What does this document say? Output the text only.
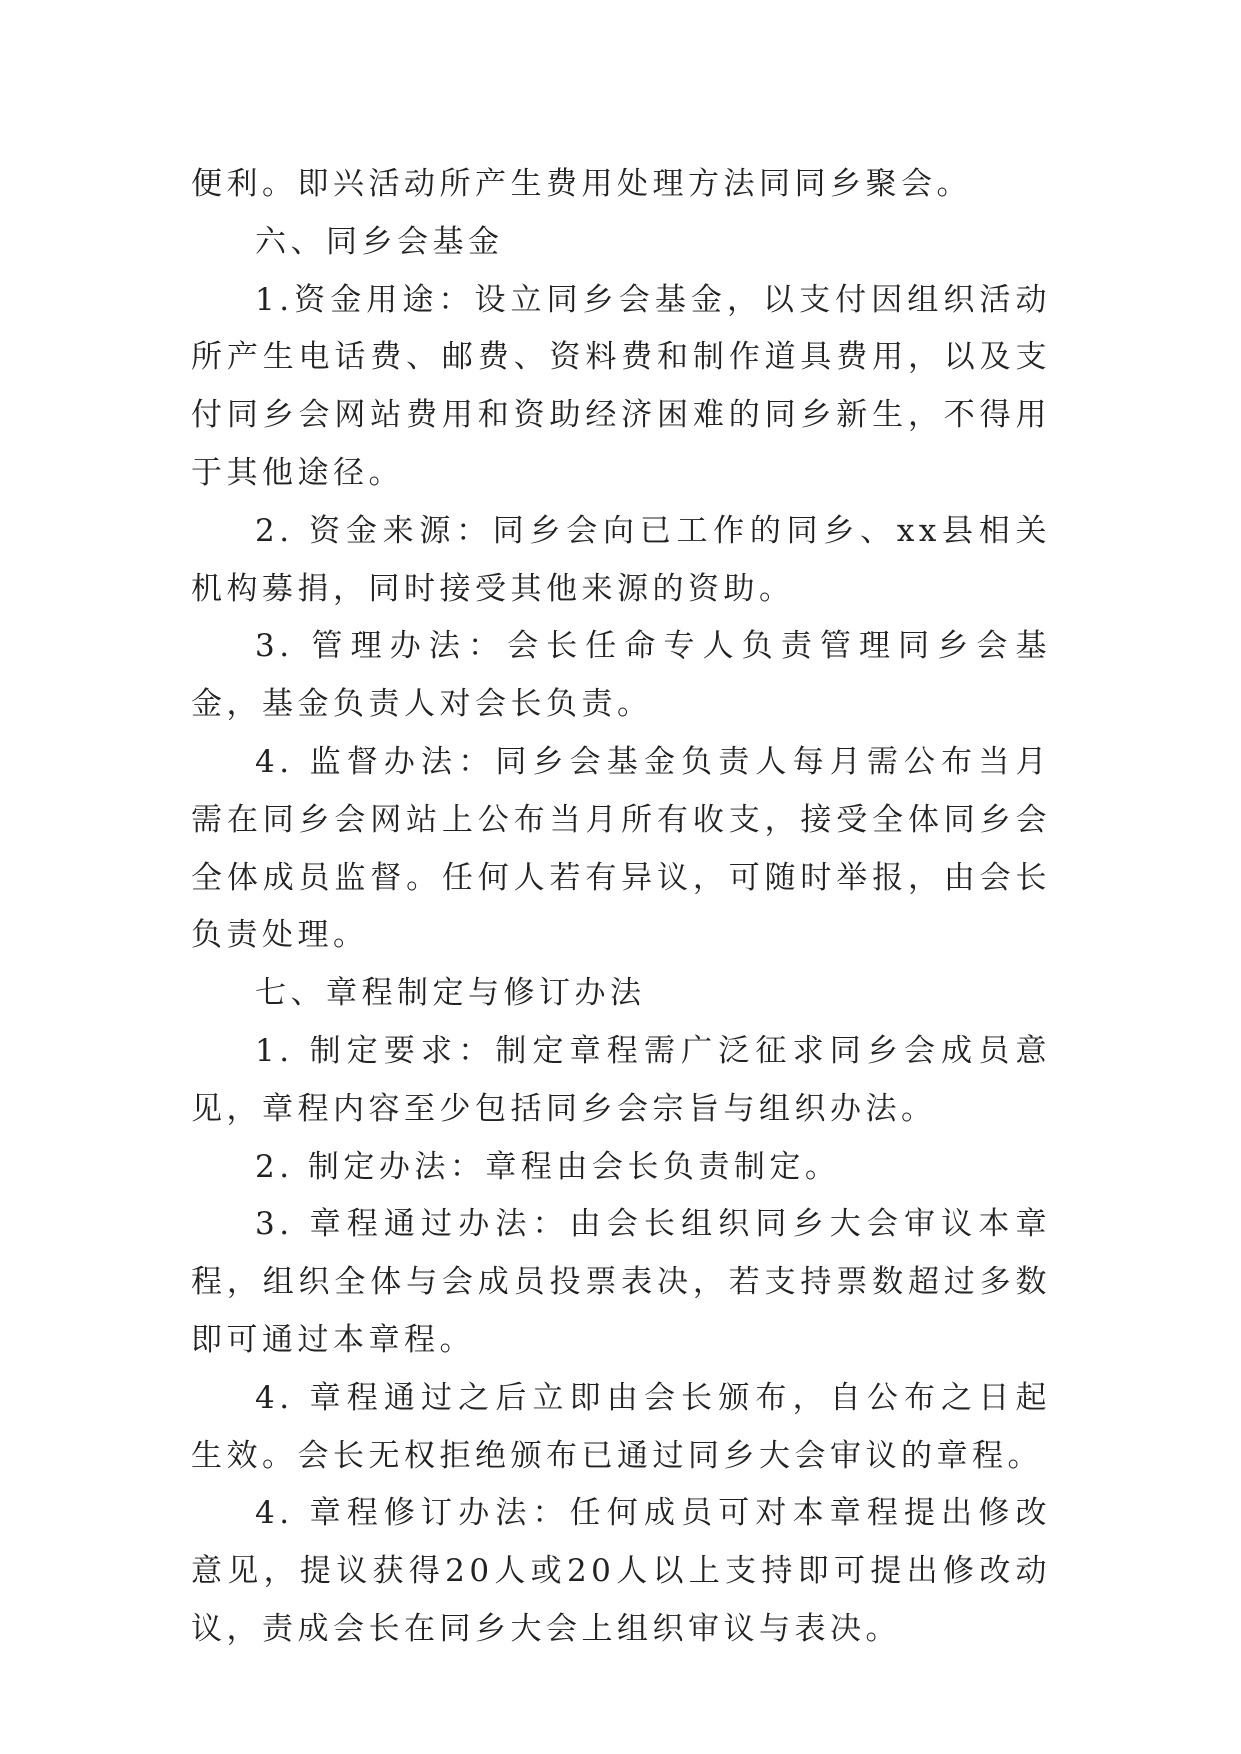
便利。即兴活动所产生费用处理方法同同乡聚会。

六、同乡会基金

1.资金用途：设立同乡会基金，以支付因组织活动所产生电话费、邮费、资料费和制作道具费用，以及支付同乡会网站费用和资助经济困难的同乡新生，不得用于其他途径。

2. 资金来源：同乡会向已工作的同乡、xx县相关机构募捐，同时接受其他来源的资助。

3. 管理办法：会长任命专人负责管理同乡会基金，基金负责人对会长负责。

4. 监督办法：同乡会基金负责人每月需公布当月需在同乡会网站上公布当月所有收支，接受全体同乡会全体成员监督。任何人若有异议，可随时举报，由会长负责处理。

七、章程制定与修订办法

1. 制定要求：制定章程需广泛征求同乡会成员意见，章程内容至少包括同乡会宗旨与组织办法。

2. 制定办法：章程由会长负责制定。

3. 章程通过办法：由会长组织同乡大会审议本章程，组织全体与会成员投票表决，若支持票数超过多数即可通过本章程。

4. 章程通过之后立即由会长颁布，自公布之日起生效。会长无权拒绝颁布已通过同乡大会审议的章程。

4. 章程修订办法：任何成员可对本章程提出修改意见，提议获得20人或20人以上支持即可提出修改动议，责成会长在同乡大会上组织审议与表决。
